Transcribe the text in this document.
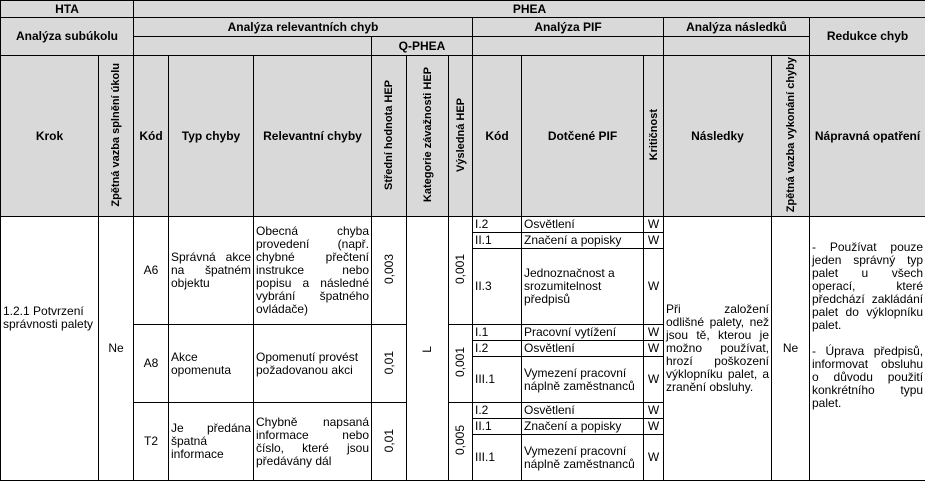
HTA		PHEA											
Analýza subúkolu		Analýza relevantních chyb						Analýza PIF			Analýza následků		Redukce chyb
					Q-PHEA								
Krok	Zpětná vazba splnění úkolu	Kód	Typ chyby	Relevantní chyby	Střední hodnota HEP	Kategorie závažnosti HEP	Výsledná HEP	Kód	Dotčené PIF	Kritičnost	Následky	Zpětná vazba vykonání chyby	Nápravná opatření
1.2.1 Potvrzení správnosti palety	Ne	A6	Správná akce na špatném objektu	Obecná chyba provedení (např. chybné přečtení instrukce nebo popisu a následné vybrání špatného ovládače)	0,003	L	0,001	I.2	Osvětlení	W	Při založení odlišné palety, než jsou tě, kterou je možno používat, hrozí poškození výklopníku palet, a zranění obsluhy.	Ne	- Používat pouze jeden správný typ palet u všech operací, které předchází zakládání palet do výklopníku palet.
- Úprava předpisů, informovat obsluhu o důvodu použití konkrétního typu palet.

								II.1	Značení a popisky	W			
								II.3	Jednoznačnost a srozumitelnost předpisů	W			
		A8	Akce opomenuta	Opomenutí provést požadovanou akci	0,01		0,001	I.1	Pracovní vytížení	W			
								I.2	Osvětlení	W			
								III.1	Vymezení pracovní náplně zaměstnanců	W			
		T2	Je předána špatná informace	Chybně napsaná informace nebo číslo, které jsou předávány dál	0,01		0,005	I.2	Osvětlení	W			
								II.1	Značení a popisky	W			
								III.1	Vymezení pracovní náplně zaměstnanců	W			
